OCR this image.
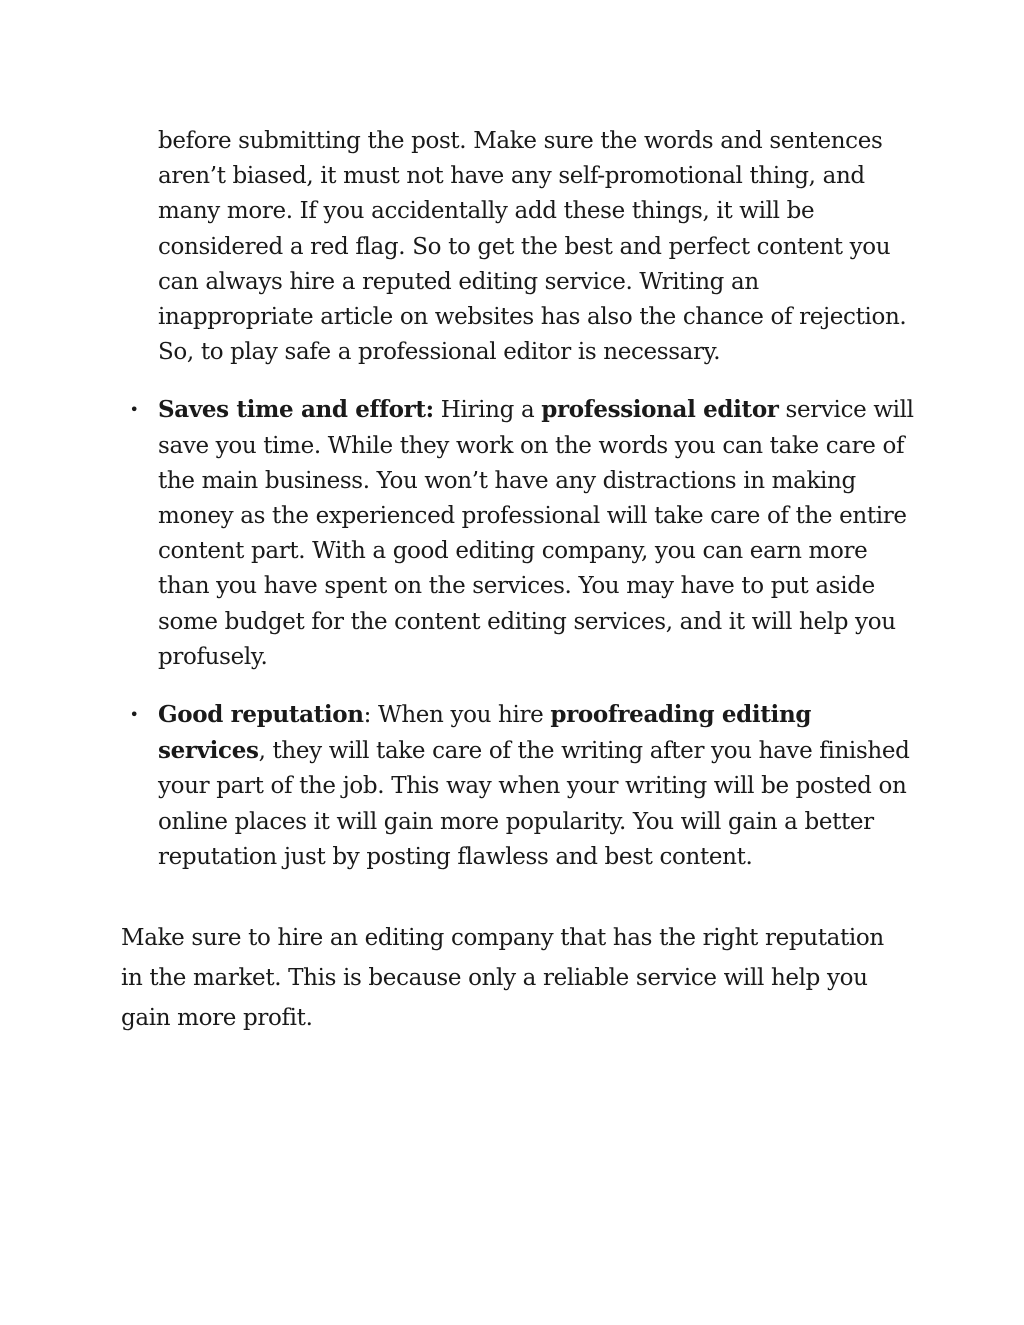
before submitting the post. Make sure the words and sentences aren’t biased, it must not have any self-promotional thing, and many more. If you accidentally add these things, it will be considered a red flag. So to get the best and perfect content you can always hire a reputed editing service. Writing an inappropriate article on websites has also the chance of rejection. So, to play safe a professional editor is necessary.

• Saves time and effort: Hiring a professional editor service will save you time. While they work on the words you can take care of the main business. You won’t have any distractions in making money as the experienced professional will take care of the entire content part. With a good editing company, you can earn more than you have spent on the services. You may have to put aside some budget for the content editing services, and it will help you profusely.

• Good reputation: When you hire proofreading editing services, they will take care of the writing after you have finished your part of the job. This way when your writing will be posted on online places it will gain more popularity. You will gain a better reputation just by posting flawless and best content.

Make sure to hire an editing company that has the right reputation in the market. This is because only a reliable service will help you gain more profit.
